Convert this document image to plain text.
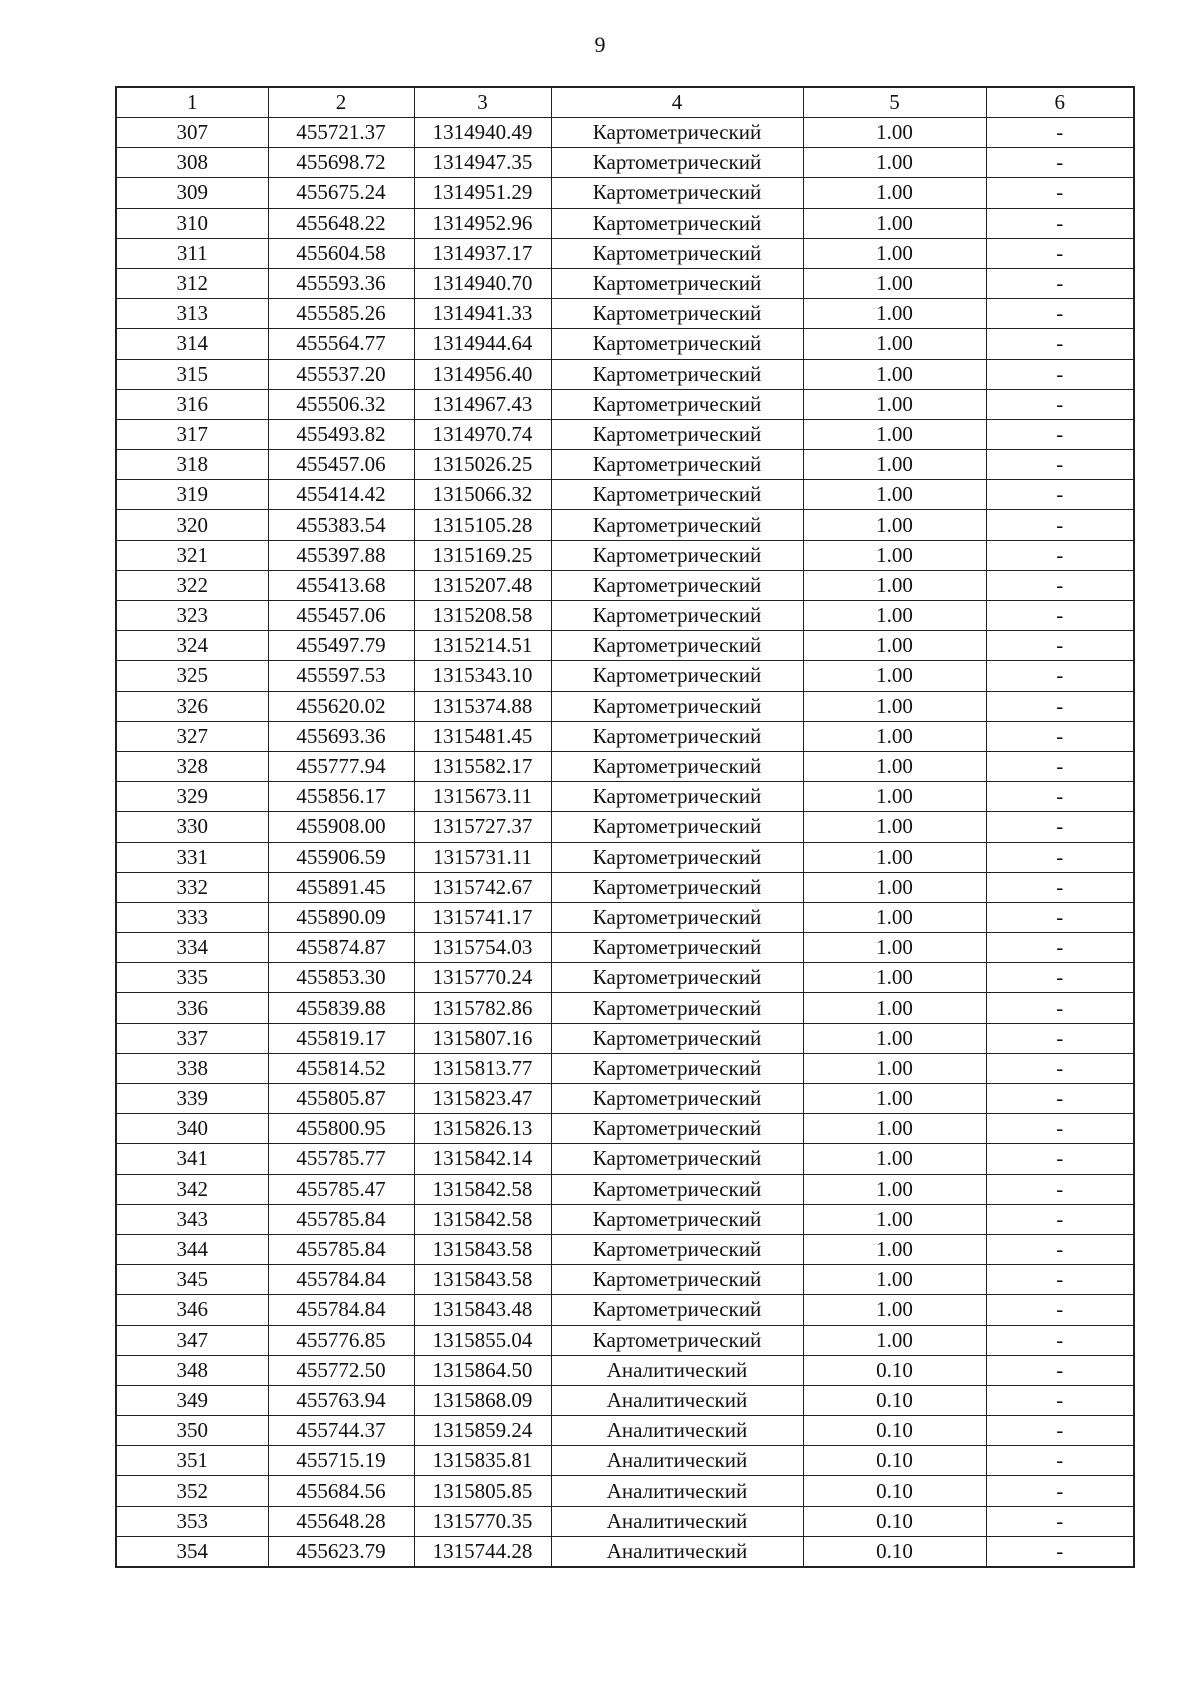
9
1	2	3	4	5	6
307	455721.37	1314940.49	Картометрический	1.00	-
308	455698.72	1314947.35	Картометрический	1.00	-
309	455675.24	1314951.29	Картометрический	1.00	-
310	455648.22	1314952.96	Картометрический	1.00	-
311	455604.58	1314937.17	Картометрический	1.00	-
312	455593.36	1314940.70	Картометрический	1.00	-
313	455585.26	1314941.33	Картометрический	1.00	-
314	455564.77	1314944.64	Картометрический	1.00	-
315	455537.20	1314956.40	Картометрический	1.00	-
316	455506.32	1314967.43	Картометрический	1.00	-
317	455493.82	1314970.74	Картометрический	1.00	-
318	455457.06	1315026.25	Картометрический	1.00	-
319	455414.42	1315066.32	Картометрический	1.00	-
320	455383.54	1315105.28	Картометрический	1.00	-
321	455397.88	1315169.25	Картометрический	1.00	-
322	455413.68	1315207.48	Картометрический	1.00	-
323	455457.06	1315208.58	Картометрический	1.00	-
324	455497.79	1315214.51	Картометрический	1.00	-
325	455597.53	1315343.10	Картометрический	1.00	-
326	455620.02	1315374.88	Картометрический	1.00	-
327	455693.36	1315481.45	Картометрический	1.00	-
328	455777.94	1315582.17	Картометрический	1.00	-
329	455856.17	1315673.11	Картометрический	1.00	-
330	455908.00	1315727.37	Картометрический	1.00	-
331	455906.59	1315731.11	Картометрический	1.00	-
332	455891.45	1315742.67	Картометрический	1.00	-
333	455890.09	1315741.17	Картометрический	1.00	-
334	455874.87	1315754.03	Картометрический	1.00	-
335	455853.30	1315770.24	Картометрический	1.00	-
336	455839.88	1315782.86	Картометрический	1.00	-
337	455819.17	1315807.16	Картометрический	1.00	-
338	455814.52	1315813.77	Картометрический	1.00	-
339	455805.87	1315823.47	Картометрический	1.00	-
340	455800.95	1315826.13	Картометрический	1.00	-
341	455785.77	1315842.14	Картометрический	1.00	-
342	455785.47	1315842.58	Картометрический	1.00	-
343	455785.84	1315842.58	Картометрический	1.00	-
344	455785.84	1315843.58	Картометрический	1.00	-
345	455784.84	1315843.58	Картометрический	1.00	-
346	455784.84	1315843.48	Картометрический	1.00	-
347	455776.85	1315855.04	Картометрический	1.00	-
348	455772.50	1315864.50	Аналитический	0.10	-
349	455763.94	1315868.09	Аналитический	0.10	-
350	455744.37	1315859.24	Аналитический	0.10	-
351	455715.19	1315835.81	Аналитический	0.10	-
352	455684.56	1315805.85	Аналитический	0.10	-
353	455648.28	1315770.35	Аналитический	0.10	-
354	455623.79	1315744.28	Аналитический	0.10	-
